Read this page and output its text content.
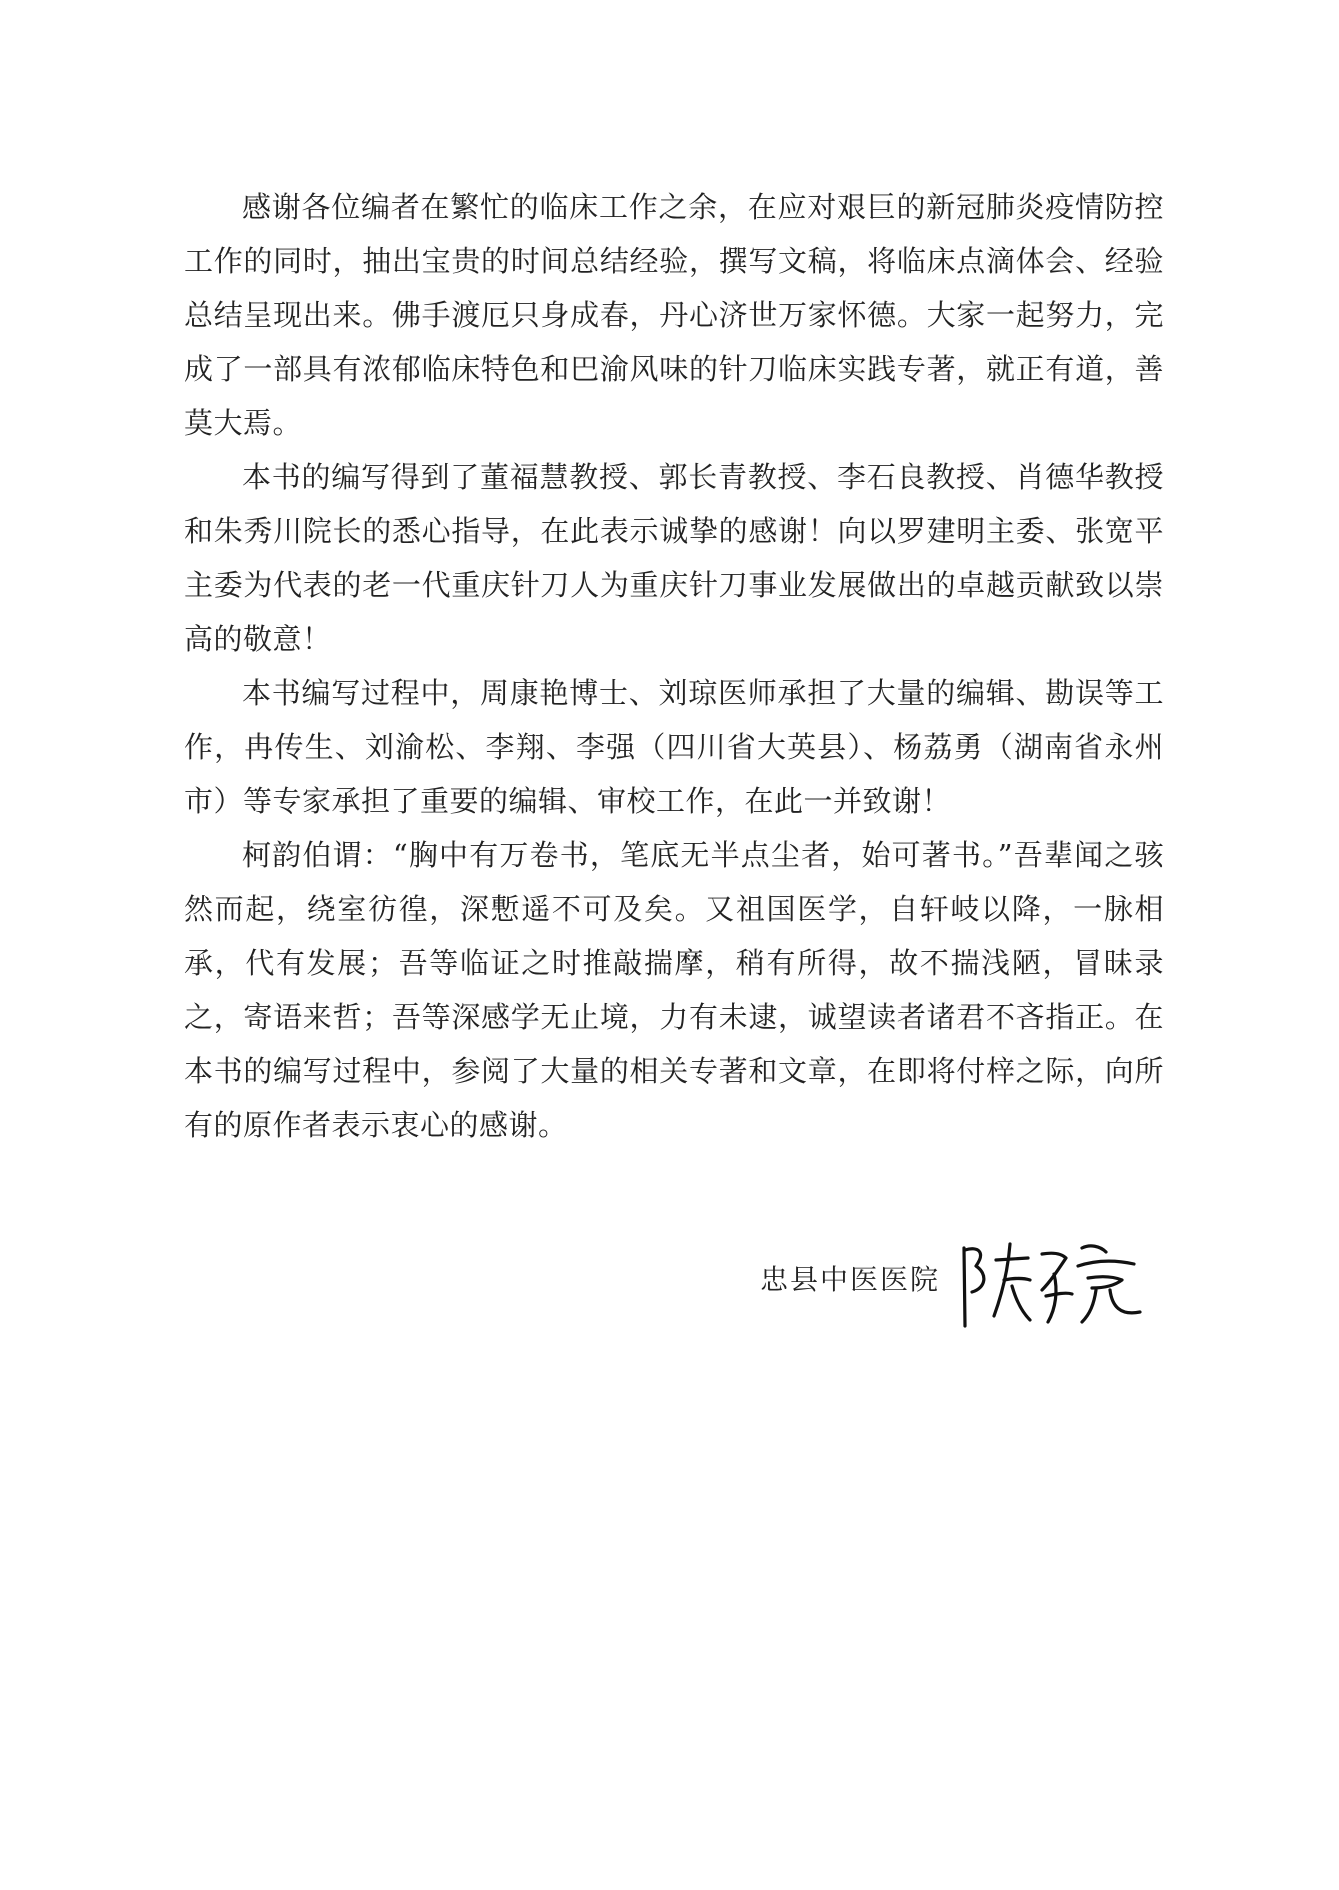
感谢各位编者在繁忙的临床工作之余，在应对艰巨的新冠肺炎疫情防控工作的同时，抽出宝贵的时间总结经验，撰写文稿，将临床点滴体会、经验总结呈现出来。佛手渡厄只身成春，丹心济世万家怀德。大家一起努力，完成了一部具有浓郁临床特色和巴渝风味的针刀临床实践专著，就正有道，善莫大焉。

本书的编写得到了董福慧教授、郭长青教授、李石良教授、肖德华教授和朱秀川院长的悉心指导，在此表示诚挚的感谢！向以罗建明主委、张宽平主委为代表的老一代重庆针刀人为重庆针刀事业发展做出的卓越贡献致以崇高的敬意！

本书编写过程中，周康艳博士、刘琼医师承担了大量的编辑、勘误等工作，冉传生、刘渝松、李翔、李强（四川省大英县）、杨荔勇（湖南省永州市）等专家承担了重要的编辑、审校工作，在此一并致谢！

柯韵伯谓：“胸中有万卷书，笔底无半点尘者，始可著书。”吾辈闻之骇然而起，绕室彷徨，深慙遥不可及矣。又祖国医学，自轩岐以降，一脉相承，代有发展；吾等临证之时推敲揣摩，稍有所得，故不揣浅陋，冒昧录之，寄语来哲；吾等深感学无止境，力有未逮，诚望读者诸君不吝指正。在本书的编写过程中，参阅了大量的相关专著和文章，在即将付梓之际，向所有的原作者表示衷心的感谢。

忠县中医医院
